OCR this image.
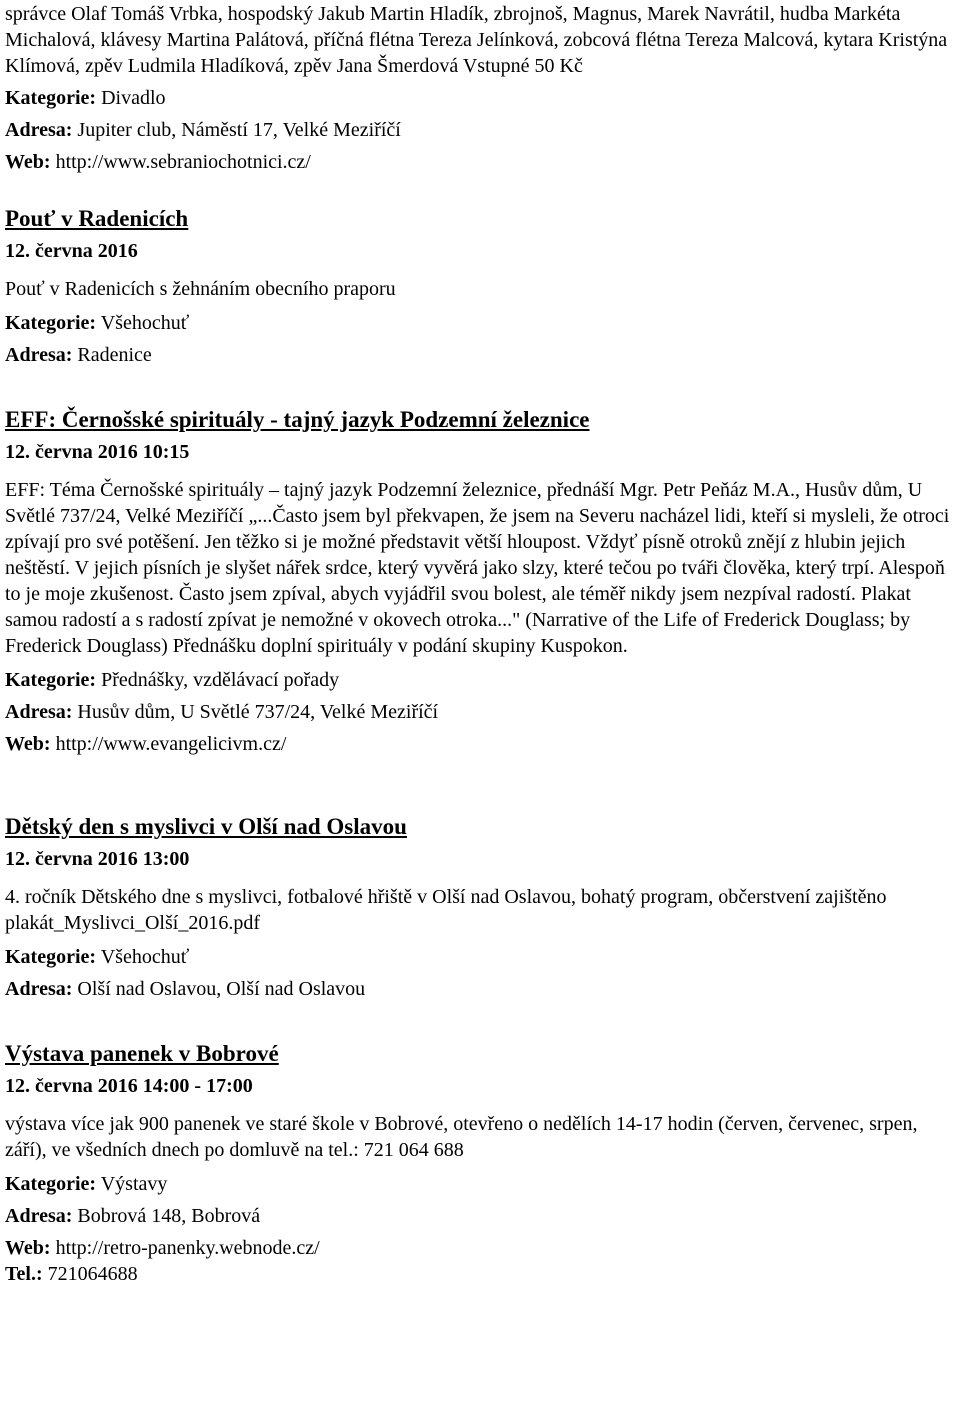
správce Olaf Tomáš Vrbka, hospodský Jakub Martin Hladík, zbrojnoš, Magnus, Marek Navrátil, hudba Markéta Michalová, klávesy Martina Palátová, příčná flétna Tereza Jelínková, zobcová flétna Tereza Malcová, kytara Kristýna Klímová, zpěv Ludmila Hladíková, zpěv Jana Šmerdová Vstupné 50 Kč

Kategorie: Divadlo

Adresa: Jupiter club, Náměstí 17, Velké Meziříčí

Web: http://www.sebraniochotnici.cz/

Pouť v Radenicích

12. června 2016

Pouť v Radenicích s žehnáním obecního praporu

Kategorie: Všehochuť

Adresa: Radenice

EFF: Černošské spirituály - tajný jazyk Podzemní železnice

12. června 2016 10:15

EFF: Téma Černošské spirituály – tajný jazyk Podzemní železnice, přednáší Mgr. Petr Peňáz M.A., Husův dům, U Světlé 737/24, Velké Meziříčí „...Často jsem byl překvapen, že jsem na Severu nacházel lidi, kteří si mysleli, že otroci zpívají pro své potěšení. Jen těžko si je možné představit větší hloupost. Vždyť písně otroků znějí z hlubin jejich neštěstí. V jejich písních je slyšet nářek srdce, který vyvěrá jako slzy, které tečou po tváři člověka, který trpí. Alespoň to je moje zkušenost. Často jsem zpíval, abych vyjádřil svou bolest, ale téměř nikdy jsem nezpíval radostí. Plakat samou radostí a s radostí zpívat je nemožné v okovech otroka..." (Narrative of the Life of Frederick Douglass; by Frederick Douglass) Přednášku doplní spirituály v podání skupiny Kuspokon.

Kategorie: Přednášky, vzdělávací pořady

Adresa: Husův dům, U Světlé 737/24, Velké Meziříčí

Web: http://www.evangelicivm.cz/

Dětský den s myslivci v Olší nad Oslavou

12. června 2016 13:00

4. ročník Dětského dne s myslivci, fotbalové hřiště v Olší nad Oslavou, bohatý program, občerstvení zajištěno plakát_Myslivci_Olší_2016.pdf

Kategorie: Všehochuť

Adresa: Olší nad Oslavou, Olší nad Oslavou

Výstava panenek v Bobrové

12. června 2016 14:00 - 17:00

výstava více jak 900 panenek ve staré škole v Bobrové, otevřeno o nedělích 14-17 hodin (červen, červenec, srpen, září), ve všedních dnech po domluvě na tel.: 721 064 688

Kategorie: Výstavy

Adresa: Bobrová 148, Bobrová

Web: http://retro-panenky.webnode.cz/

Tel.: 721064688
